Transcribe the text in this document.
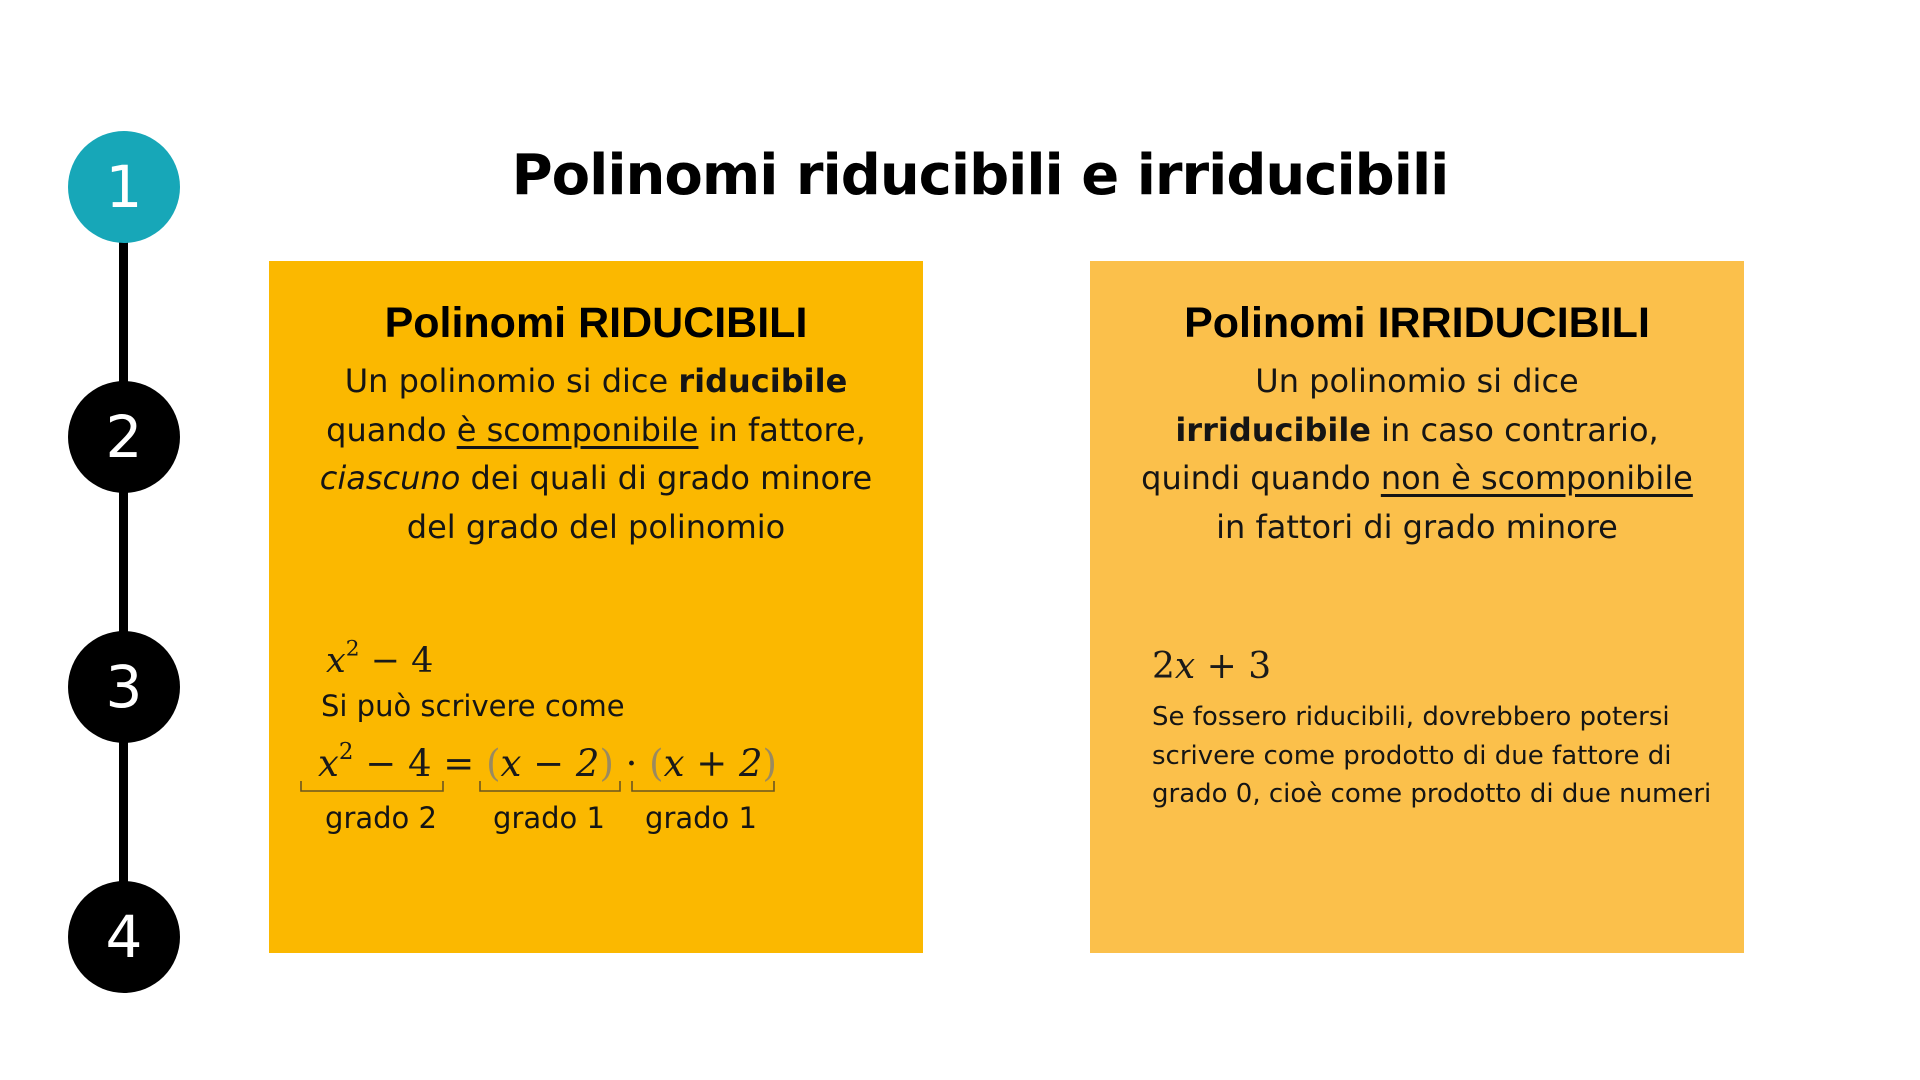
1
2
3
4
Polinomi riducibili e irriducibili
Polinomi RIDUCIBILI

Un polinomio si dice riducibile
quando è scomponibile in fattore, ciascuno dei quali di grado minore del grado del polinomio

$x^2 - 4$
Si può scrivere come
$x^2 - 4 = (x - 2) \cdot (x + 2)$
grado 2	grado 1	grado 1
Polinomi IRRIDUCIBILI

Un polinomio si dice
irriducibile in caso contrario, quindi quando non è scomponibile in fattori di grado minore

2x + 3

Se fossero riducibili, dovrebbero potersi scrivere come prodotto di due fattore di grado 0, cioè come prodotto di due numeri
